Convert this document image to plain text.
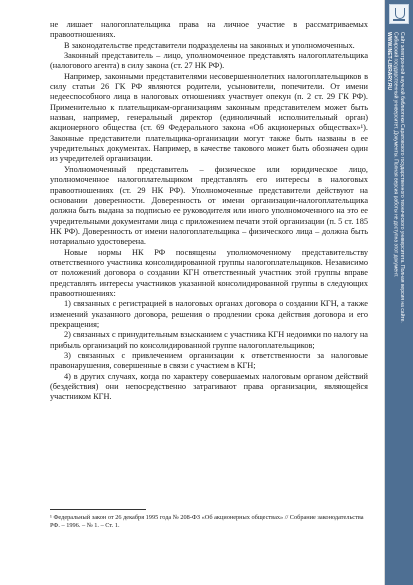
не лишает налогоплательщика права на личное участие в рассматриваемых правоотношениях.

В законодательстве представители подразделены на законных и уполномоченных.

Законный представитель – лицо, уполномоченное представлять налогоплательщика (налогового агента) в силу закона (ст. 27 НК РФ).

Например, законными представителями несовершеннолетних налогоплательщиков в силу статьи 26 ГК РФ являются родители, усыновители, попечители. От имени недееспособного лица в налоговых отношениях участвует опекун (п. 2 ст. 29 ГК РФ). Применительно к плательщикам-организациям законным представителем может быть назван, например, генеральный директор (единоличный исполнительный орган) акционерного общества (ст. 69 Федерального закона «Об акционерных обществах»¹). Законные представители плательщика-организации могут также быть названы в ее учредительных документах. Например, в качестве такового может быть обозначен один из учредителей организации.

Уполномоченный представитель – физическое или юридическое лицо, уполномоченное налогоплательщиком представлять его интересы в налоговых правоотношениях (ст. 29 НК РФ). Уполномоченные представители действуют на основании доверенности. Доверенность от имени организации-налогоплательщика должна быть выдана за подписью ее руководителя или иного уполномоченного на это ее учредительными документами лица с приложением печати этой организации (п. 5 ст. 185 НК РФ). Доверенность от имени налогоплательщика – физического лица – должна быть нотариально удостоверена.

Новые нормы НК РФ посвящены уполномоченному представительству ответственного участника консолидированной группы налогоплательщиков. Независимо от положений договора о создании КГН ответственный участник этой группы вправе представлять интересы участников указанной консолидированной группы в следующих правоотношениях:

1) связанных с регистрацией в налоговых органах договора о создании КГН, а также изменений указанного договора, решения о продлении срока действия договора и его прекращения;

2) связанных с принудительным взысканием с участника КГН недоимки по налогу на прибыль организаций по консолидированной группе налогоплательщиков;

3) связанных с привлечением организации к ответственности за налоговые правонарушения, совершенные в связи с участием в КГН;

4) в других случаях, когда по характеру совершаемых налоговым органом действий (бездействия) они непосредственно затрагивают права организации, являющейся участником КГН.

¹ Федеральный закон от 26 декабря 1995 года № 208-ФЗ «Об акционерных обществах» // Собрание законодательства РФ. – 1996. – № 1. – Ст. 1.
Сайт электронной научной библиотеки Саратовского государственного технического университета. Полная версия на сайте.
Сибирский государственный университет. Документы. Полная версия работы не доступна этот документ.
WWW.INET-LIBRARY.RU
